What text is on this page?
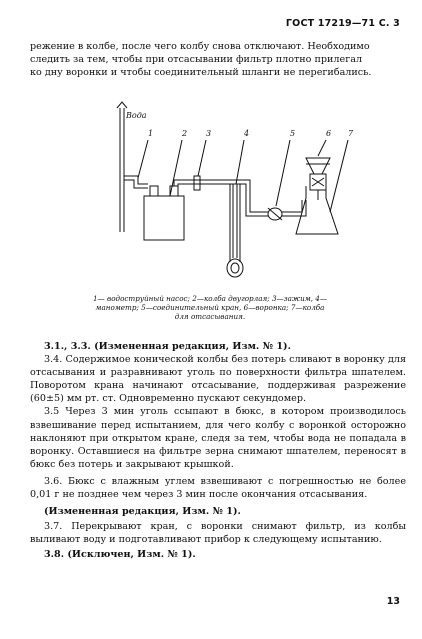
ГОСТ 17219—71 С. 3

режение в колбе, после чего колбу снова отключают. Необходимо

следить за тем, чтобы при отсасывании фильтр плотно прилегал

ко дну воронки и чтобы соединительный шланги не перегибались.

Вода
1	2 3	4	5	6 7
1— водоструйный насос; 2—колба двугорлая; 3—зажим, 4—
манометр; 5—соединительный кран, 6—воронка; 7—колба
для отсасывания.

3.1., 3.3. (Измененная редакция, Изм. № 1).

3.4. Содержимое конической колбы без потерь сливают в воронку для отсасывания и разравнивают уголь по поверхности фильтра шпателем. Поворотом крана начинают отсасывание, поддерживая разрежение (60±5) мм рт. ст. Одновременно пускают секундомер.

3.5 Через 3 мин уголь ссыпают в бюкс, в котором производилось взвешивание перед испытанием, для чего колбу с воронкой осторожно наклоняют при открытом кране, следя за тем, чтобы вода не попадала в воронку. Оставшиеся на фильтре зерна снимают шпателем, переносят в бюкс без потерь и закрывают крышкой.

3.6. Бюкс с влажным углем взвешивают с погрешностью не более 0,01 г не позднее чем через 3 мин после окончания отсасывания.

(Измененная редакция, Изм. № 1).

3.7. Перекрывают кран, с воронки снимают фильтр, из колбы выливают воду и подготавливают прибор к следующему испытанию.

3.8. (Исключен, Изм. № 1).

13
